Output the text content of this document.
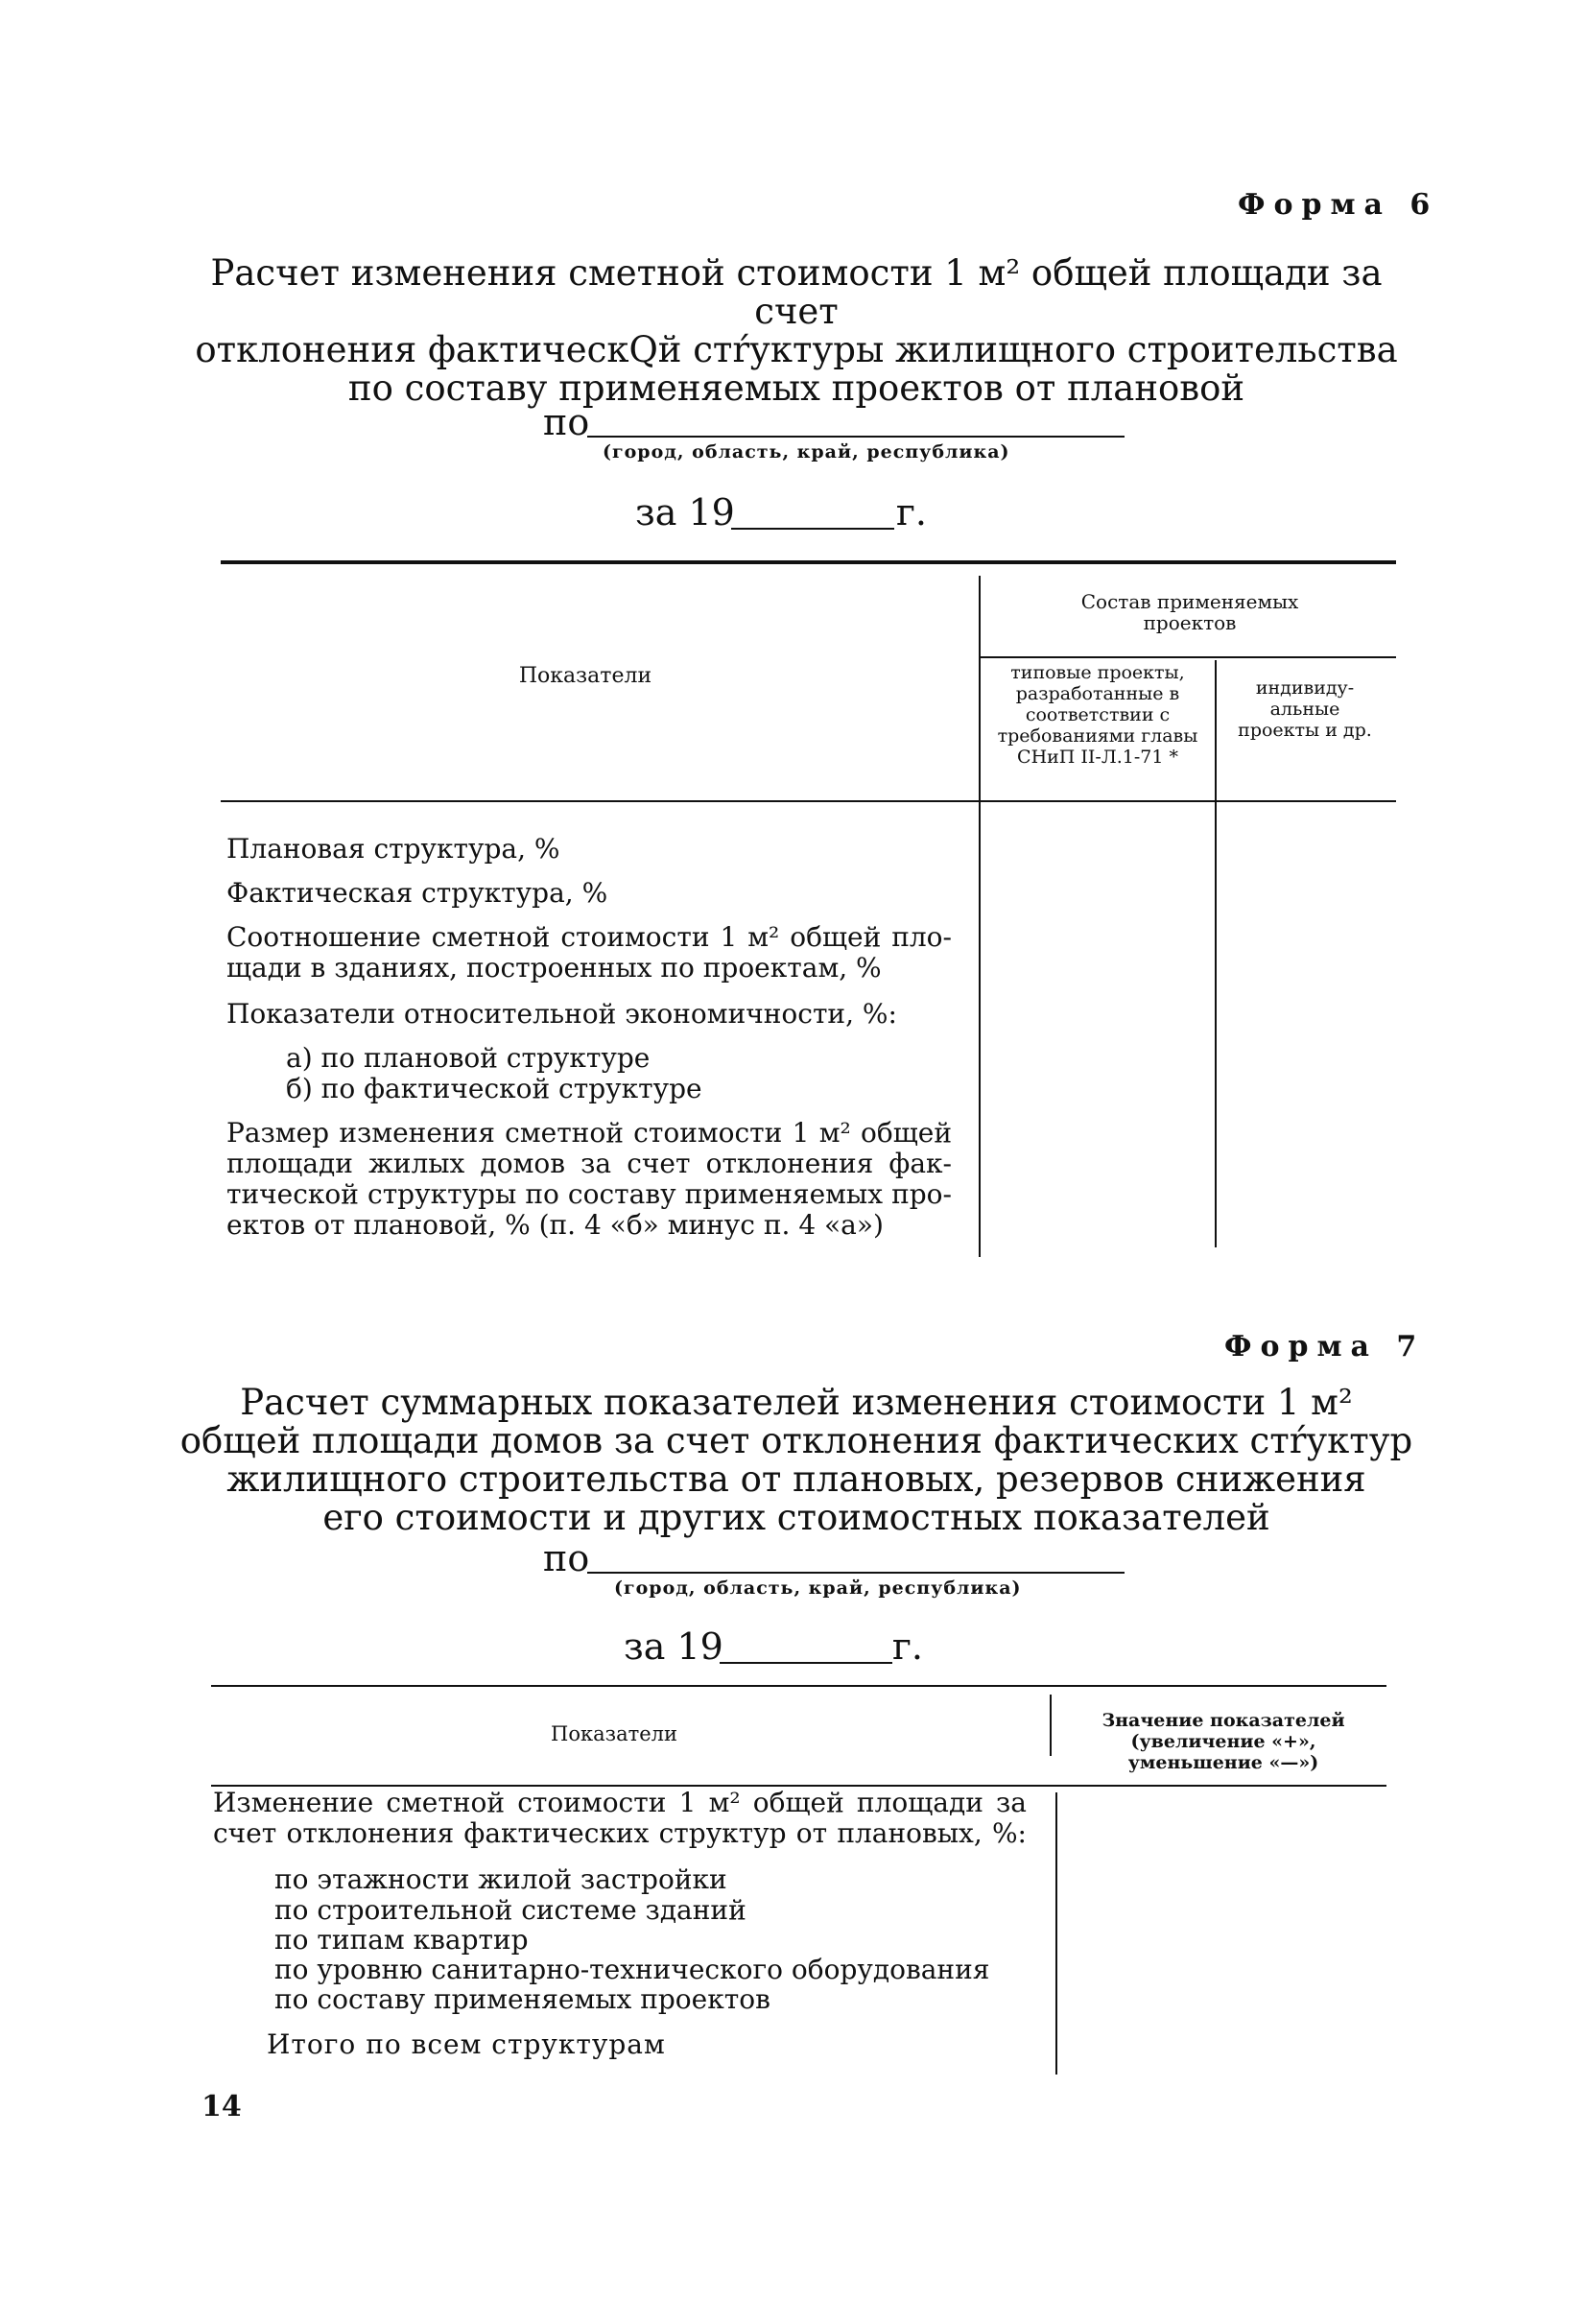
Форма 6
Расчет изменения сметной стоимости 1 м² общей площади за счет
отклонения фактическQй стŕуктуры жилищного строительства
по составу применяемых проектов от плановой
по
(город, область, край, республика)
за 19	г.
Показатели
Состав применяемых проектов
типовые проекты, разработанные в соответствии с требованиями главы СНиП II-Л.1-71 *
индивиду-альные проекты и др.
Плановая структура, %
Фактическая структура, %
Соотношение сметной стоимости 1 м² общей пло-
щади в зданиях, построенных по проектам, %
Показатели относительной экономичности, %:
а) по плановой структуре
б) по фактической структуре
Размер изменения сметной стоимости 1 м² общей
площади жилых домов за счет отклонения фак-
тической структуры по составу применяемых про-
ектов от плановой, % (п. 4 «б» минус п. 4 «а»)
Форма 7
Расчет суммарных показателей изменения стоимости 1 м²
общей площади домов за счет отклонения фактических стŕуктур
жилищного строительства от плановых, резервов снижения
его стоимости и других стоимостных показателей
по
(город, область, край, республика)
за 19	г.
Показатели
Значение показателей (увеличение «+», уменьшение «—»)
Изменение сметной стоимости 1 м² общей площади за
счет отклонения фактических структур от плановых, %:
по этажности жилой застройки
по строительной системе зданий
по типам квартир
по уровню санитарно-технического оборудования
по составу применяемых проектов
Итого по всем структурам
14
